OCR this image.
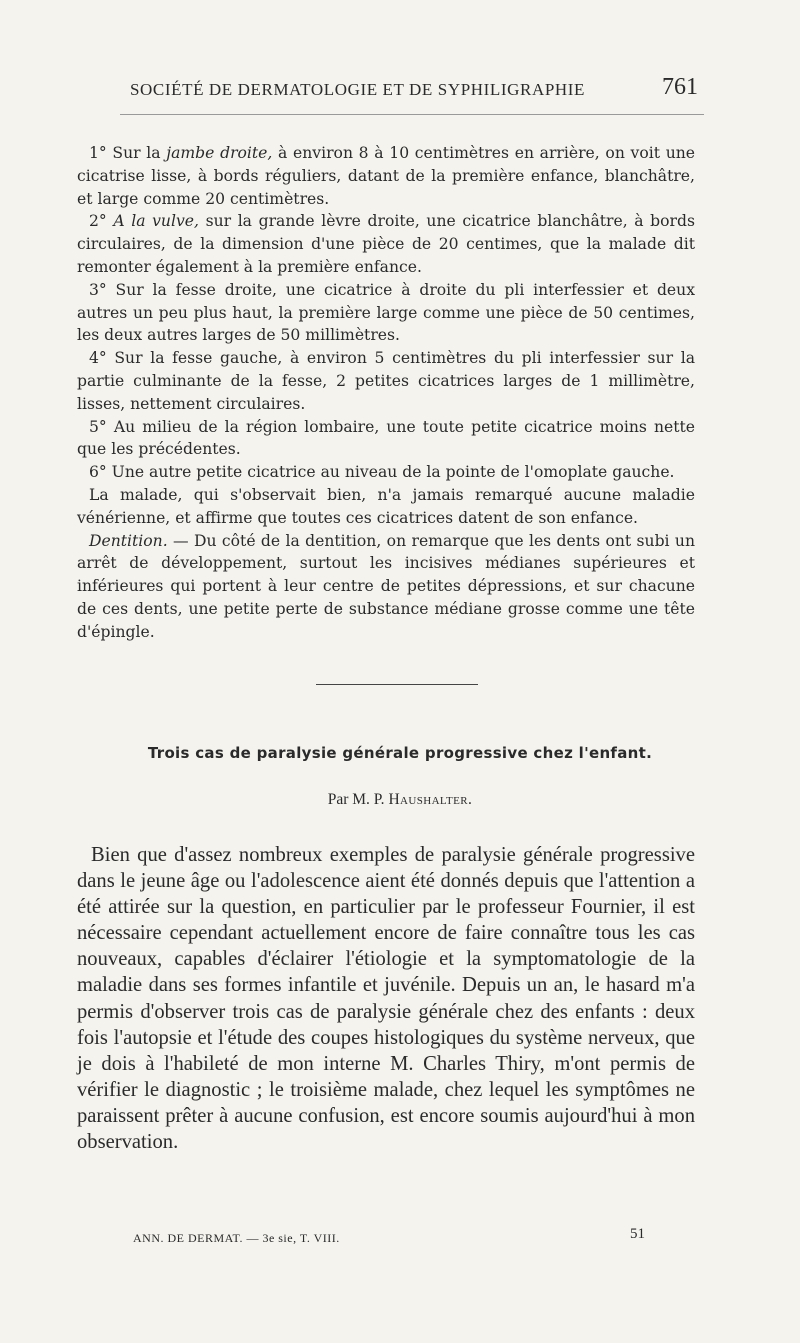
SOCIÉTÉ DE DERMATOLOGIE ET DE SYPHILIGRAPHIE	761

1° Sur la jambe droite, à environ 8 à 10 centimètres en arrière, on voit une cicatrise lisse, à bords réguliers, datant de la première enfance, blanchâtre, et large comme 20 centimètres.

2° A la vulve, sur la grande lèvre droite, une cicatrice blanchâtre, à bords circulaires, de la dimension d'une pièce de 20 centimes, que la malade dit remonter également à la première enfance.

3° Sur la fesse droite, une cicatrice à droite du pli interfessier et deux autres un peu plus haut, la première large comme une pièce de 50 centimes, les deux autres larges de 50 millimètres.

4° Sur la fesse gauche, à environ 5 centimètres du pli interfessier sur la partie culminante de la fesse, 2 petites cicatrices larges de 1 millimètre, lisses, nettement circulaires.

5° Au milieu de la région lombaire, une toute petite cicatrice moins nette que les précédentes.

6° Une autre petite cicatrice au niveau de la pointe de l'omoplate gauche.

La malade, qui s'observait bien, n'a jamais remarqué aucune maladie vénérienne, et affirme que toutes ces cicatrices datent de son enfance.

Dentition. — Du côté de la dentition, on remarque que les dents ont subi un arrêt de développement, surtout les incisives médianes supérieures et inférieures qui portent à leur centre de petites dépressions, et sur chacune de ces dents, une petite perte de substance médiane grosse comme une tête d'épingle.

Trois cas de paralysie générale progressive chez l'enfant.
Par M. P. Haushalter.

Bien que d'assez nombreux exemples de paralysie générale progressive dans le jeune âge ou l'adolescence aient été donnés depuis que l'attention a été attirée sur la question, en particulier par le professeur Fournier, il est nécessaire cependant actuellement encore de faire connaître tous les cas nouveaux, capables d'éclairer l'étiologie et la symptomatologie de la maladie dans ses formes infantile et juvénile. Depuis un an, le hasard m'a permis d'observer trois cas de paralysie générale chez des enfants : deux fois l'autopsie et l'étude des coupes histologiques du système nerveux, que je dois à l'habileté de mon interne M. Charles Thiry, m'ont permis de vérifier le diagnostic ; le troisième malade, chez lequel les symptômes ne paraissent prêter à aucune confusion, est encore soumis aujourd'hui à mon observation.

ANN. DE DERMAT. — 3e sie, T. VIII.	51
